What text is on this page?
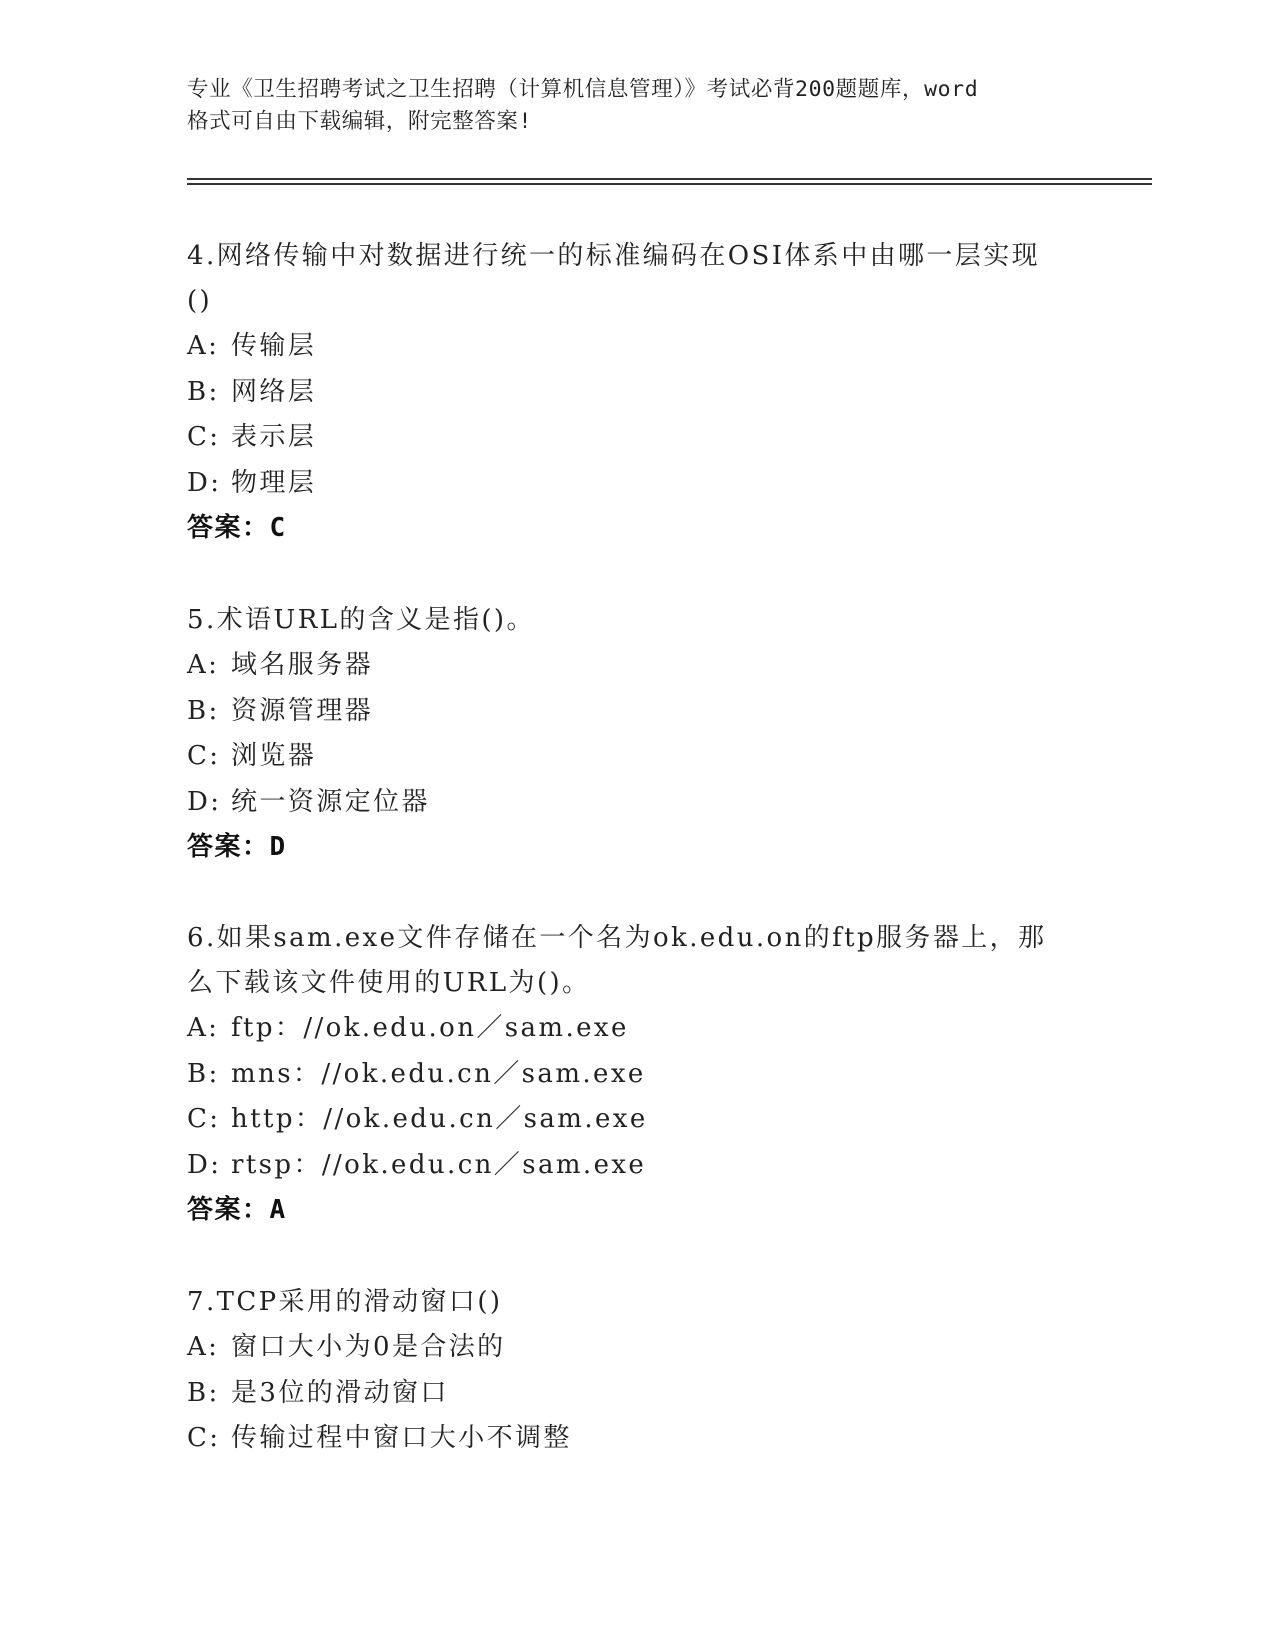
专业《卫生招聘考试之卫生招聘（计算机信息管理）》考试必背200题题库，word
格式可自由下载编辑，附完整答案!
4.网络传输中对数据进行统一的标准编码在OSI体系中由哪一层实现
()
A: 传输层
B: 网络层
C: 表示层
D: 物理层
答案：C
5.术语URL的含义是指()。
A: 域名服务器
B: 资源管理器
C: 浏览器
D: 统一资源定位器
答案：D
6.如果sam.exe文件存储在一个名为ok.edu.on的ftp服务器上，那
么下载该文件使用的URL为()。
A: ftp：//ok.edu.on／sam.exe
B: mns：//ok.edu.cn／sam.exe
C: http：//ok.edu.cn／sam.exe
D: rtsp：//ok.edu.cn／sam.exe
答案：A
7.TCP采用的滑动窗口()
A: 窗口大小为0是合法的
B: 是3位的滑动窗口
C: 传输过程中窗口大小不调整
